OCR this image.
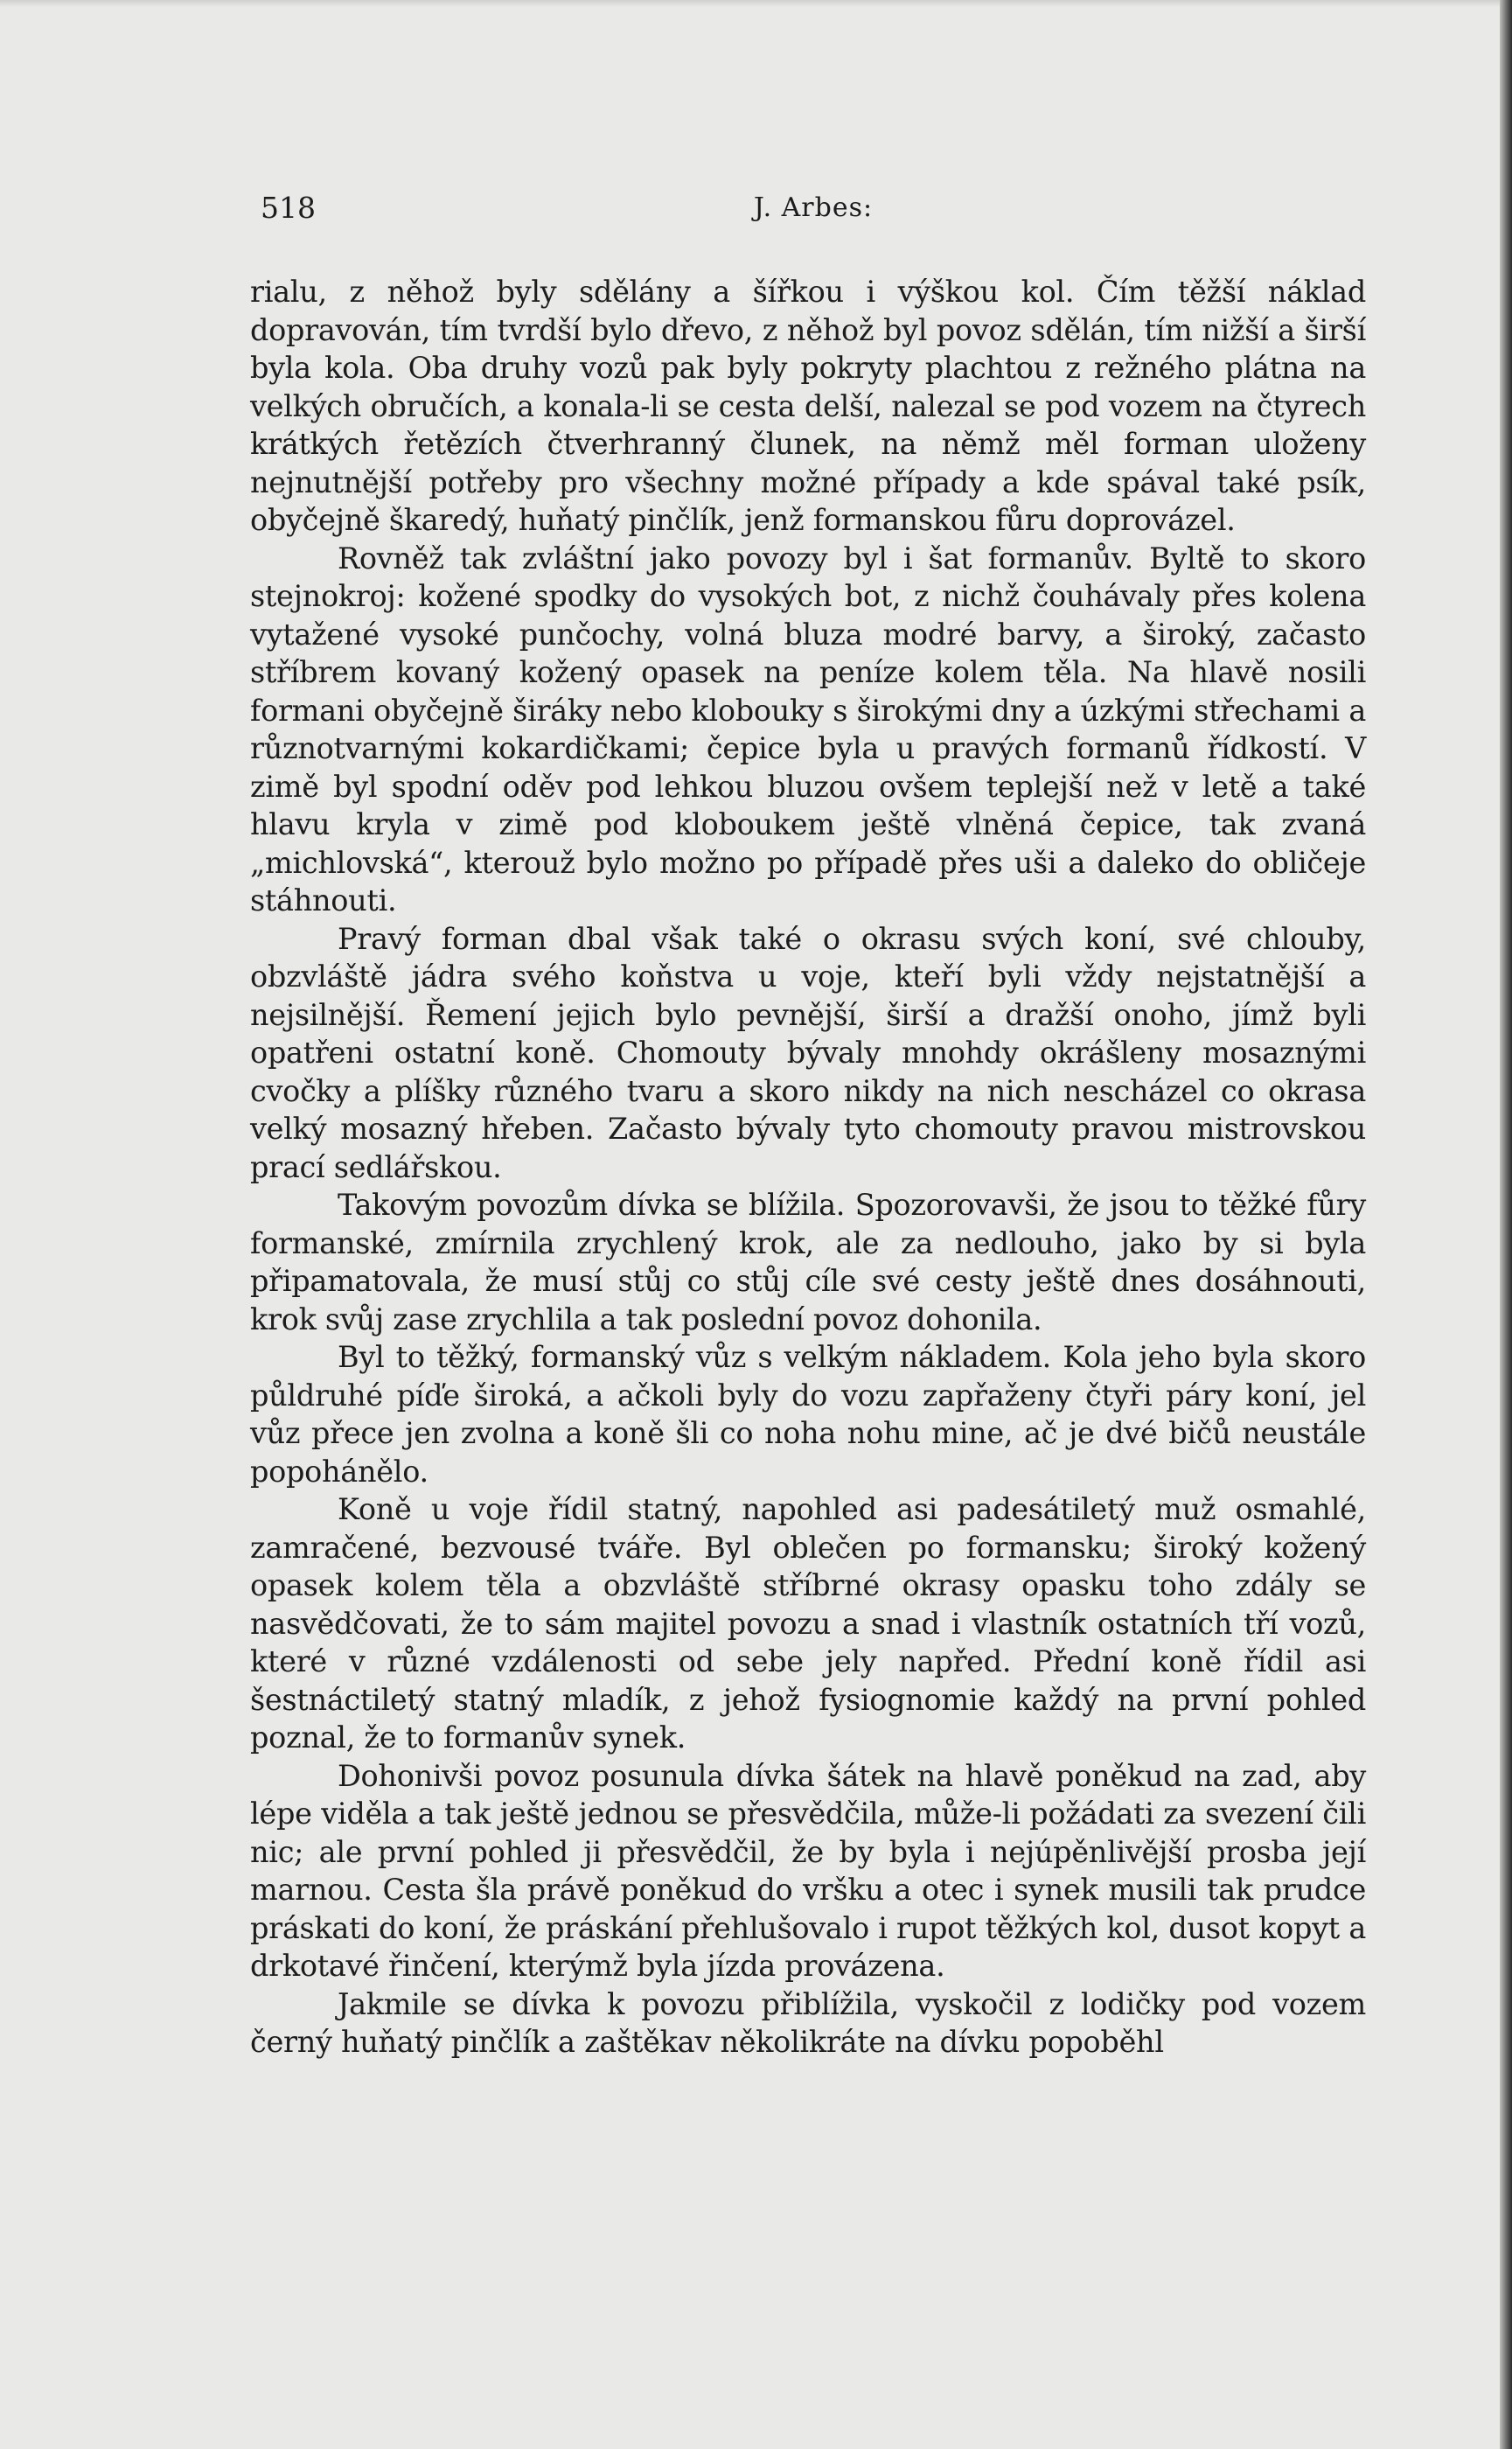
518	J. Arbes:

rialu, z něhož byly sdělány a šířkou i výškou kol. Čím těžší náklad dopravován, tím tvrdší bylo dřevo, z něhož byl povoz sdělán, tím nižší a širší byla kola. Oba druhy vozů pak byly pokryty plachtou z režného plátna na velkých obručích, a konala-li se cesta delší, nalezal se pod vozem na čtyrech krátkých řetězích čtverhranný člunek, na němž měl forman uloženy nejnutnější potřeby pro všechny možné případy a kde spával také psík, obyčejně škaredý, huňatý pinčlík, jenž formanskou fůru doprovázel.

Rovněž tak zvláštní jako povozy byl i šat formanův. Byltě to skoro stejnokroj: kožené spodky do vysokých bot, z nichž čouhávaly přes kolena vytažené vysoké punčochy, volná bluza modré barvy, a široký, začasto stříbrem kovaný kožený opasek na peníze kolem těla. Na hlavě nosili formani obyčejně širáky nebo klobouky s širokými dny a úzkými střechami a různotvarnými kokardičkami; čepice byla u pravých formanů řídkostí. V zimě byl spodní oděv pod lehkou bluzou ovšem teplejší než v letě a také hlavu kryla v zimě pod kloboukem ještě vlněná čepice, tak zvaná „michlovská“, kterouž bylo možno po případě přes uši a daleko do obličeje stáhnouti.

Pravý forman dbal však také o okrasu svých koní, své chlouby, obzvláště jádra svého koňstva u voje, kteří byli vždy nejstatnější a nejsilnější. Řemení jejich bylo pevnější, širší a dražší onoho, jímž byli opatřeni ostatní koně. Chomouty bývaly mnohdy okrášleny mosaznými cvočky a plíšky různého tvaru a skoro nikdy na nich nescházel co okrasa velký mosazný hřeben. Začasto bývaly tyto chomouty pravou mistrovskou prací sedlářskou.

Takovým povozům dívka se blížila. Spozorovavši, že jsou to těžké fůry formanské, zmírnila zrychlený krok, ale za nedlouho, jako by si byla připamatovala, že musí stůj co stůj cíle své cesty ještě dnes dosáhnouti, krok svůj zase zrychlila a tak poslední povoz dohonila.

Byl to těžký, formanský vůz s velkým nákladem. Kola jeho byla skoro půldruhé píďe široká, a ačkoli byly do vozu zapřaženy čtyři páry koní, jel vůz přece jen zvolna a koně šli co noha nohu mine, ač je dvé bičů neustále popohánělo.

Koně u voje řídil statný, napohled asi padesátiletý muž osmahlé, zamračené, bezvousé tváře. Byl oblečen po formansku; široký kožený opasek kolem těla a obzvláště stříbrné okrasy opasku toho zdály se nasvědčovati, že to sám majitel povozu a snad i vlastník ostatních tří vozů, které v různé vzdálenosti od sebe jely napřed. Přední koně řídil asi šestnáctiletý statný mladík, z jehož fysiognomie každý na první pohled poznal, že to formanův synek.

Dohonivši povoz posunula dívka šátek na hlavě poněkud na zad, aby lépe viděla a tak ještě jednou se přesvědčila, může-li požádati za svezení čili nic; ale první pohled ji přesvědčil, že by byla i nejúpěnlivější prosba její marnou. Cesta šla právě poněkud do vršku a otec i synek musili tak prudce práskati do koní, že práskání přehlušovalo i rupot těžkých kol, dusot kopyt a drkotavé řinčení, kterýmž byla jízda provázena.

Jakmile se dívka k povozu přiblížila, vyskočil z lodičky pod vozem černý huňatý pinčlík a zaštěkav několikráte na dívku popoběhl
